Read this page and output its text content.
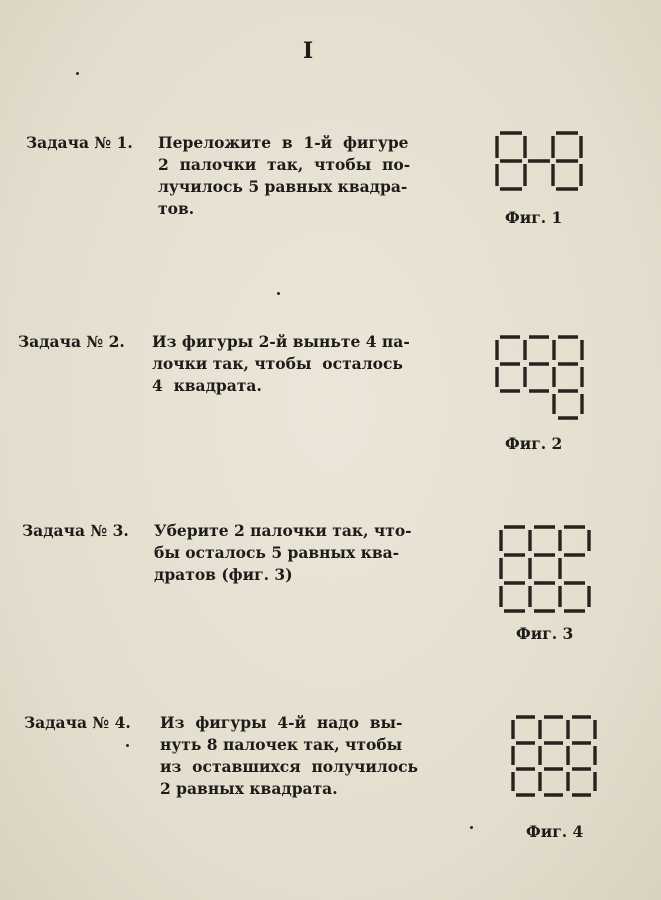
I
Задача № 1. Переложите  в  1-й  фигуре
2  палочки  так,  чтобы  по-
лучилось 5 равных квадра-
тов.	Фиг. 1
Задача № 2. Из фигуры 2-й выньте 4 па-
лочки так, чтобы  осталось
4  квадрата.
Фиг. 2
Задача № 3. Уберите 2 палочки так, что-
бы осталось 5 равных ква-
дратов (фиг. 3)
Фиг. 3
Задача № 4. Из  фигуры  4-й  надо  вы-
нуть 8 палочек так, чтобы
из  оставшихся  получилось
2 равных квадрата.
Фиг. 4
